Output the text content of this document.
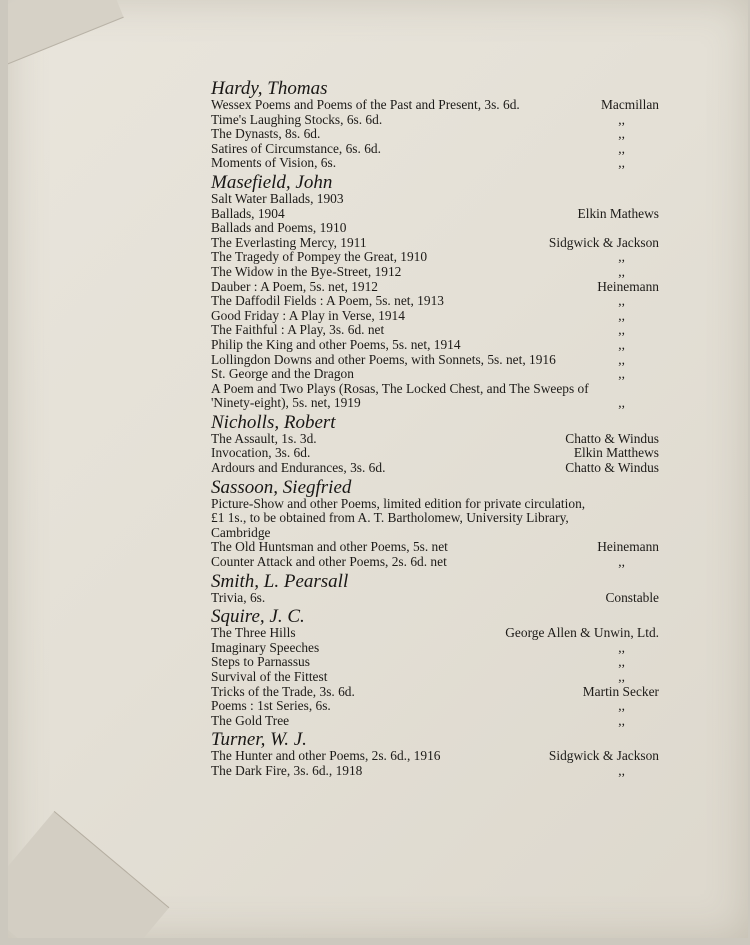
Hardy, Thomas
Wessex Poems and Poems of the Past and Present, 3s. 6d.	Macmillan
Time's Laughing Stocks, 6s. 6d.	,,
The Dynasts, 8s. 6d.	,,
Satires of Circumstance, 6s. 6d.	,,
Moments of Vision, 6s.	,,
Masefield, John
Salt Water Ballads, 1903
Ballads, 1904	Elkin Mathews
Ballads and Poems, 1910
The Everlasting Mercy, 1911	Sidgwick & Jackson
The Tragedy of Pompey the Great, 1910	,,
The Widow in the Bye-Street, 1912	,,
Dauber : A Poem, 5s. net, 1912	Heinemann
The Daffodil Fields : A Poem, 5s. net, 1913	,,
Good Friday : A Play in Verse, 1914	,,
The Faithful : A Play, 3s. 6d. net	,,
Philip the King and other Poems, 5s. net, 1914	,,
Lollingdon Downs and other Poems, with Sonnets, 5s. net, 1916	,,
St. George and the Dragon	,,
A Poem and Two Plays (Rosas, The Locked Chest, and The Sweeps of 'Ninety-eight), 5s. net, 1919	,,
Nicholls, Robert
The Assault, 1s. 3d.	Chatto & Windus
Invocation, 3s. 6d.	Elkin Matthews
Ardours and Endurances, 3s. 6d.	Chatto & Windus
Sassoon, Siegfried
Picture-Show and other Poems, limited edition for private circulation, £1 1s., to be obtained from A. T. Bartholomew, University Library, Cambridge
The Old Huntsman and other Poems, 5s. net	Heinemann
Counter Attack and other Poems, 2s. 6d. net	,,
Smith, L. Pearsall
Trivia, 6s.	Constable
Squire, J. C.
The Three Hills	George Allen & Unwin, Ltd.
Imaginary Speeches	,,
Steps to Parnassus	,,
Survival of the Fittest	,,
Tricks of the Trade, 3s. 6d.	Martin Secker
Poems : 1st Series, 6s.	,,
The Gold Tree	,,
Turner, W. J.
The Hunter and other Poems, 2s. 6d., 1916	Sidgwick & Jackson
The Dark Fire, 3s. 6d., 1918	,,
